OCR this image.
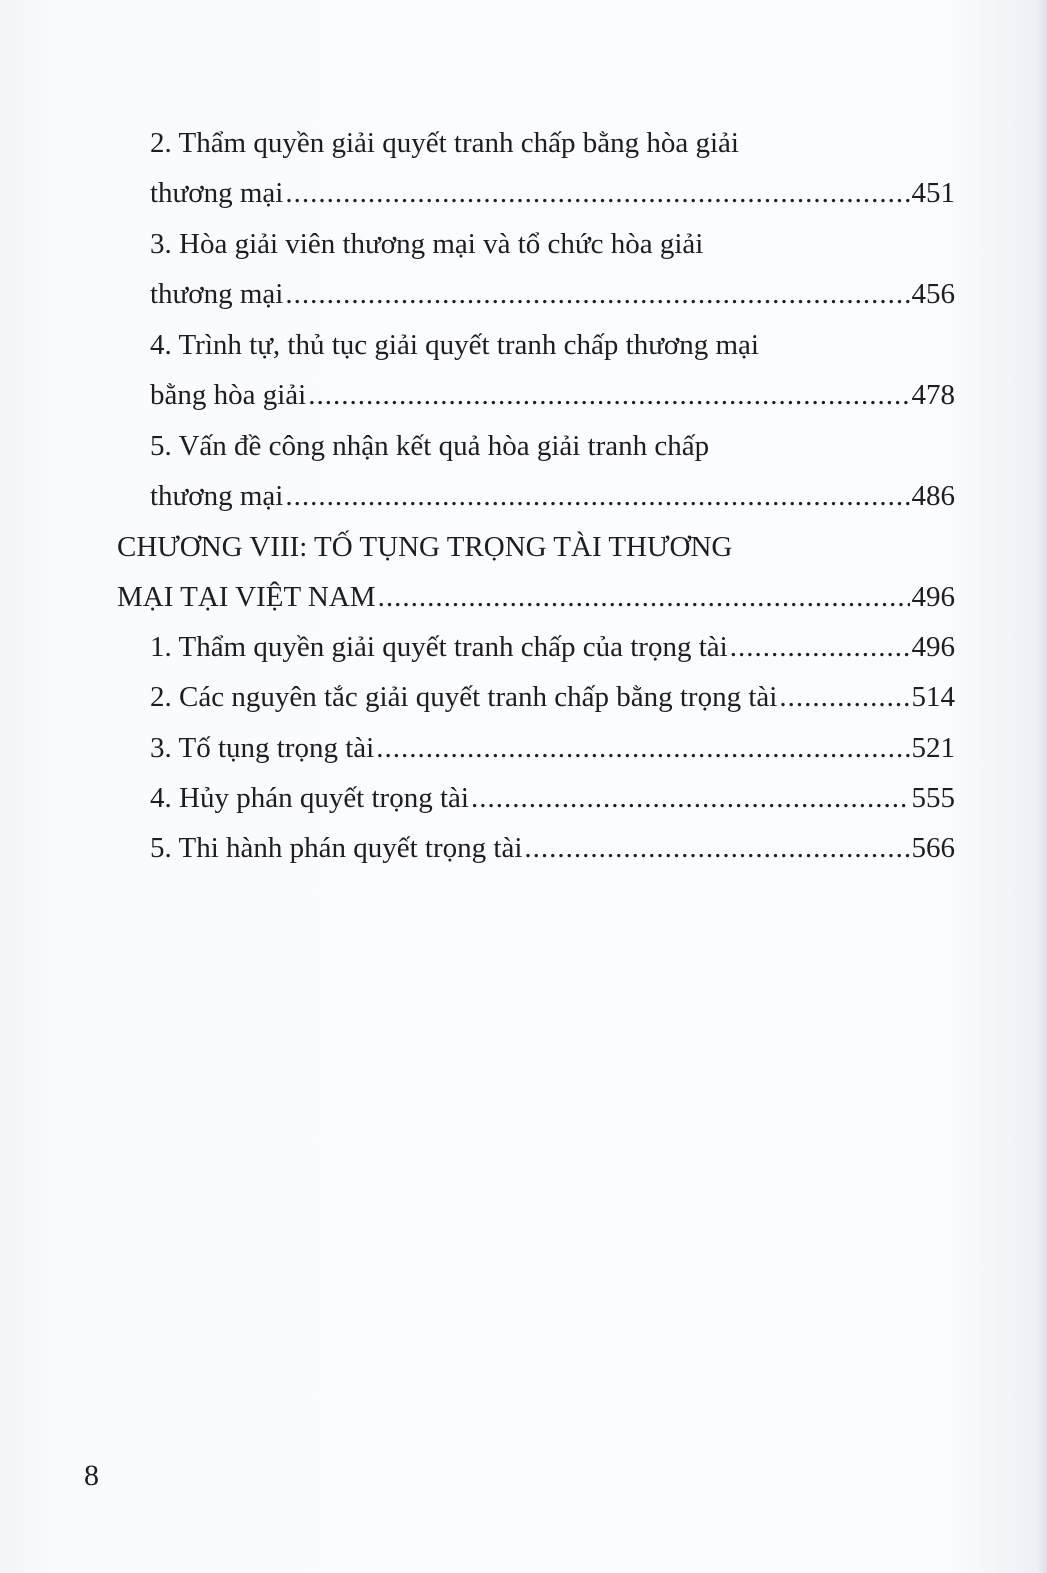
2. Thẩm quyền giải quyết tranh chấp bằng hòa giải
thương mại .....	451
3. Hòa giải viên thương mại và tổ chức hòa giải
thương mại .....	456
4. Trình tự, thủ tục giải quyết tranh chấp thương mại
bằng hòa giải .....	478
5. Vấn đề công nhận kết quả hòa giải tranh chấp
thương mại .....	486
CHƯƠNG VIII: TỐ TỤNG TRỌNG TÀI THƯƠNG
MẠI TẠI VIỆT NAM .....	496
1. Thẩm quyền giải quyết tranh chấp của trọng tài .....	496
2. Các nguyên tắc giải quyết tranh chấp bằng trọng tài .....	514
3. Tố tụng trọng tài .....	521
4. Hủy phán quyết trọng tài .....	555
5. Thi hành phán quyết trọng tài .....	566
8
